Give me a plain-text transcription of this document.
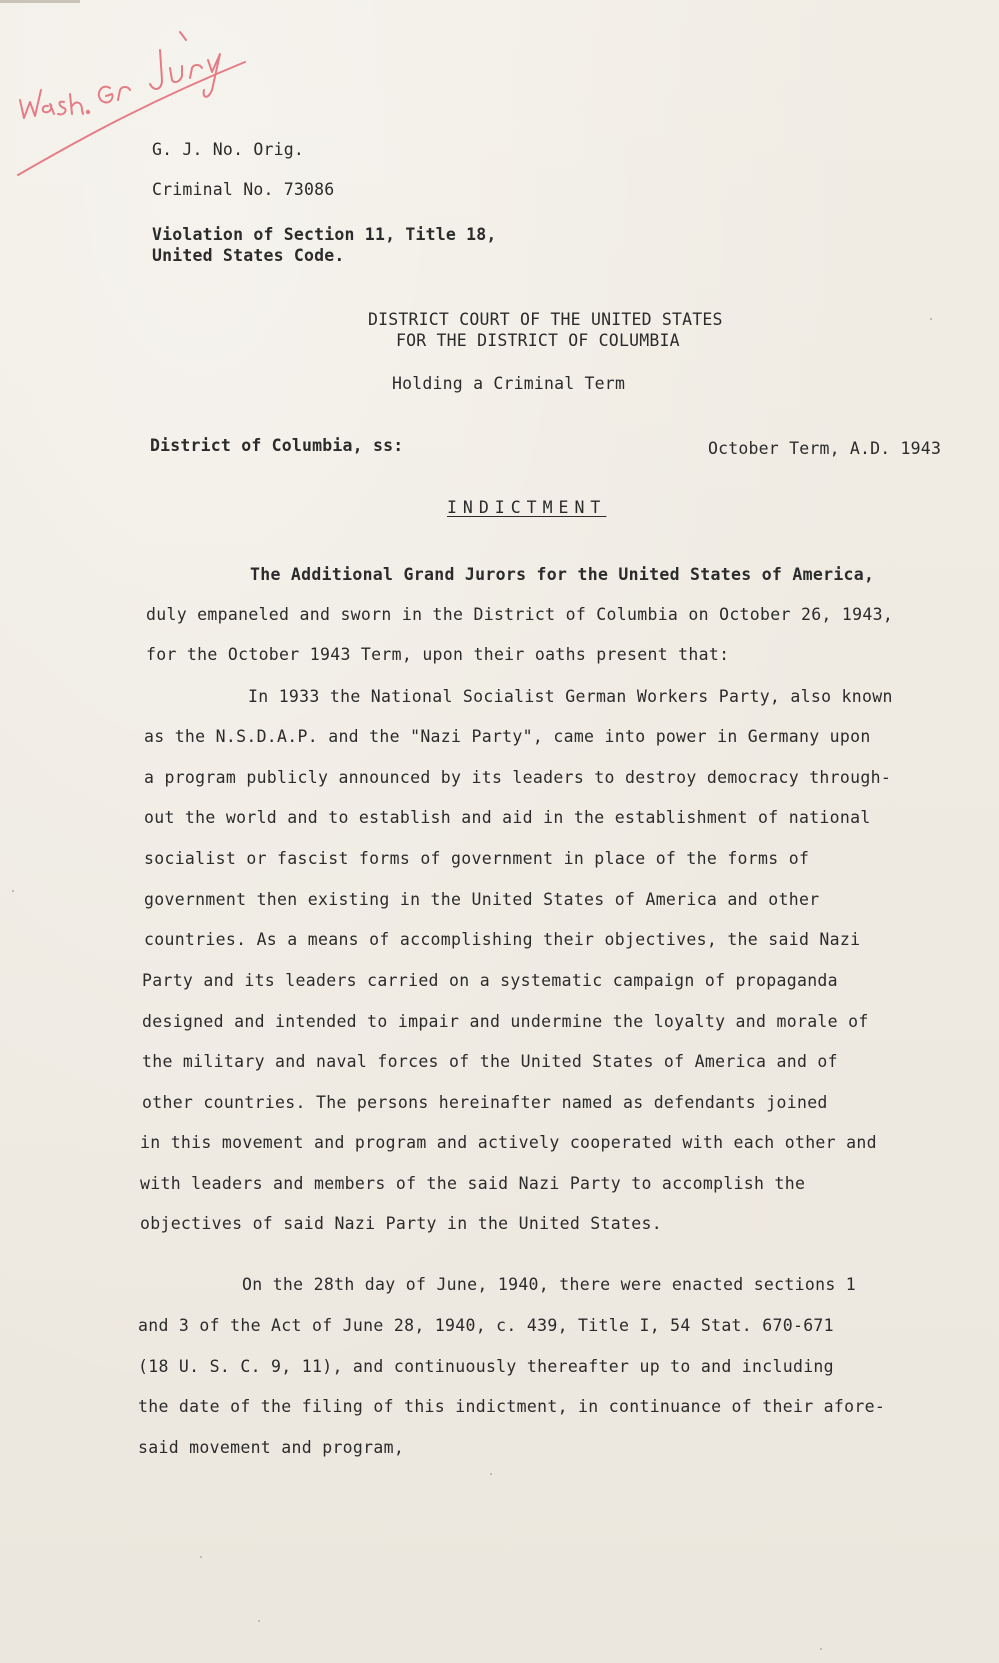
G. J. No. Orig.
Criminal No. 73086
Violation of Section 11, Title 18,
United States Code.
DISTRICT COURT OF THE UNITED STATES
FOR THE DISTRICT OF COLUMBIA
Holding a Criminal Term
District of Columbia, ss:	October Term, A.D. 1943
INDICTMENT
The Additional Grand Jurors for the United States of America,
duly empaneled and sworn in the District of Columbia on October 26, 1943,
for the October 1943 Term, upon their oaths present that:
In 1933 the National Socialist German Workers Party, also known
as the N.S.D.A.P. and the "Nazi Party", came into power in Germany upon
a program publicly announced by its leaders to destroy democracy through-
out the world and to establish and aid in the establishment of national
socialist or fascist forms of government in place of the forms of
government then existing in the United States of America and other
countries. As a means of accomplishing their objectives, the said Nazi
Party and its leaders carried on a systematic campaign of propaganda
designed and intended to impair and undermine the loyalty and morale of
the military and naval forces of the United States of America and of
other countries. The persons hereinafter named as defendants joined
in this movement and program and actively cooperated with each other and
with leaders and members of the said Nazi Party to accomplish the
objectives of said Nazi Party in the United States.
On the 28th day of June, 1940, there were enacted sections 1
and 3 of the Act of June 28, 1940, c. 439, Title I, 54 Stat. 670-671
(18 U. S. C. 9, 11), and continuously thereafter up to and including
the date of the filing of this indictment, in continuance of their afore-
said movement and program,
